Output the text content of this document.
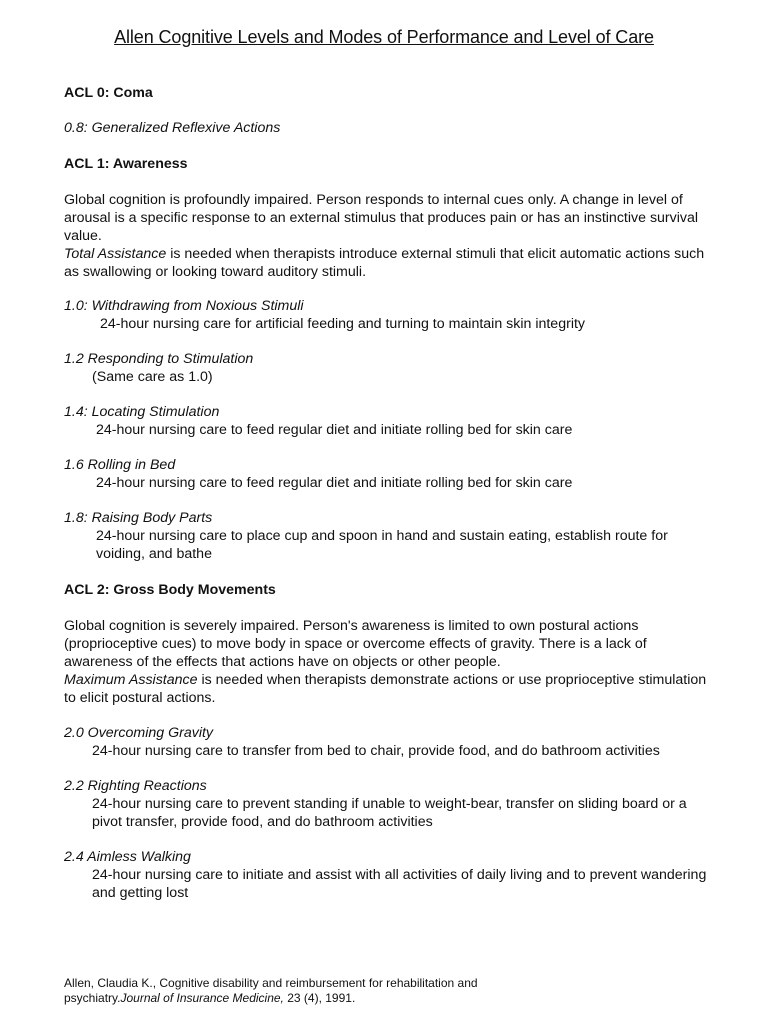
Allen Cognitive Levels and Modes of Performance and Level of Care

ACL 0: Coma

0.8: Generalized Reflexive Actions

ACL 1: Awareness

Global cognition is profoundly impaired. Person responds to internal cues only. A change in level of arousal is a specific response to an external stimulus that produces pain or has an instinctive survival value.

Total Assistance is needed when therapists introduce external stimuli that elicit automatic actions such as swallowing or looking toward auditory stimuli.

1.0: Withdrawing from Noxious Stimuli

24-hour nursing care for artificial feeding and turning to maintain skin integrity

1.2 Responding to Stimulation

(Same care as 1.0)

1.4: Locating Stimulation

24-hour nursing care to feed regular diet and initiate rolling bed for skin care

1.6 Rolling in Bed

24-hour nursing care to feed regular diet and initiate rolling bed for skin care

1.8: Raising Body Parts

24-hour nursing care to place cup and spoon in hand and sustain eating, establish route for voiding, and bathe

ACL 2: Gross Body Movements

Global cognition is severely impaired. Person's awareness is limited to own postural actions (proprioceptive cues) to move body in space or overcome effects of gravity. There is a lack of awareness of the effects that actions have on objects or other people.

Maximum Assistance is needed when therapists demonstrate actions or use proprioceptive stimulation to elicit postural actions.

2.0 Overcoming Gravity

24-hour nursing care to transfer from bed to chair, provide food, and do bathroom activities

2.2 Righting Reactions

24-hour nursing care to prevent standing if unable to weight-bear, transfer on sliding board or a pivot transfer, provide food, and do bathroom activities

2.4 Aimless Walking

24-hour nursing care to initiate and assist with all activities of daily living and to prevent wandering and getting lost

Allen, Claudia K., Cognitive disability and reimbursement for rehabilitation and
psychiatry.Journal of Insurance Medicine, 23 (4), 1991.
